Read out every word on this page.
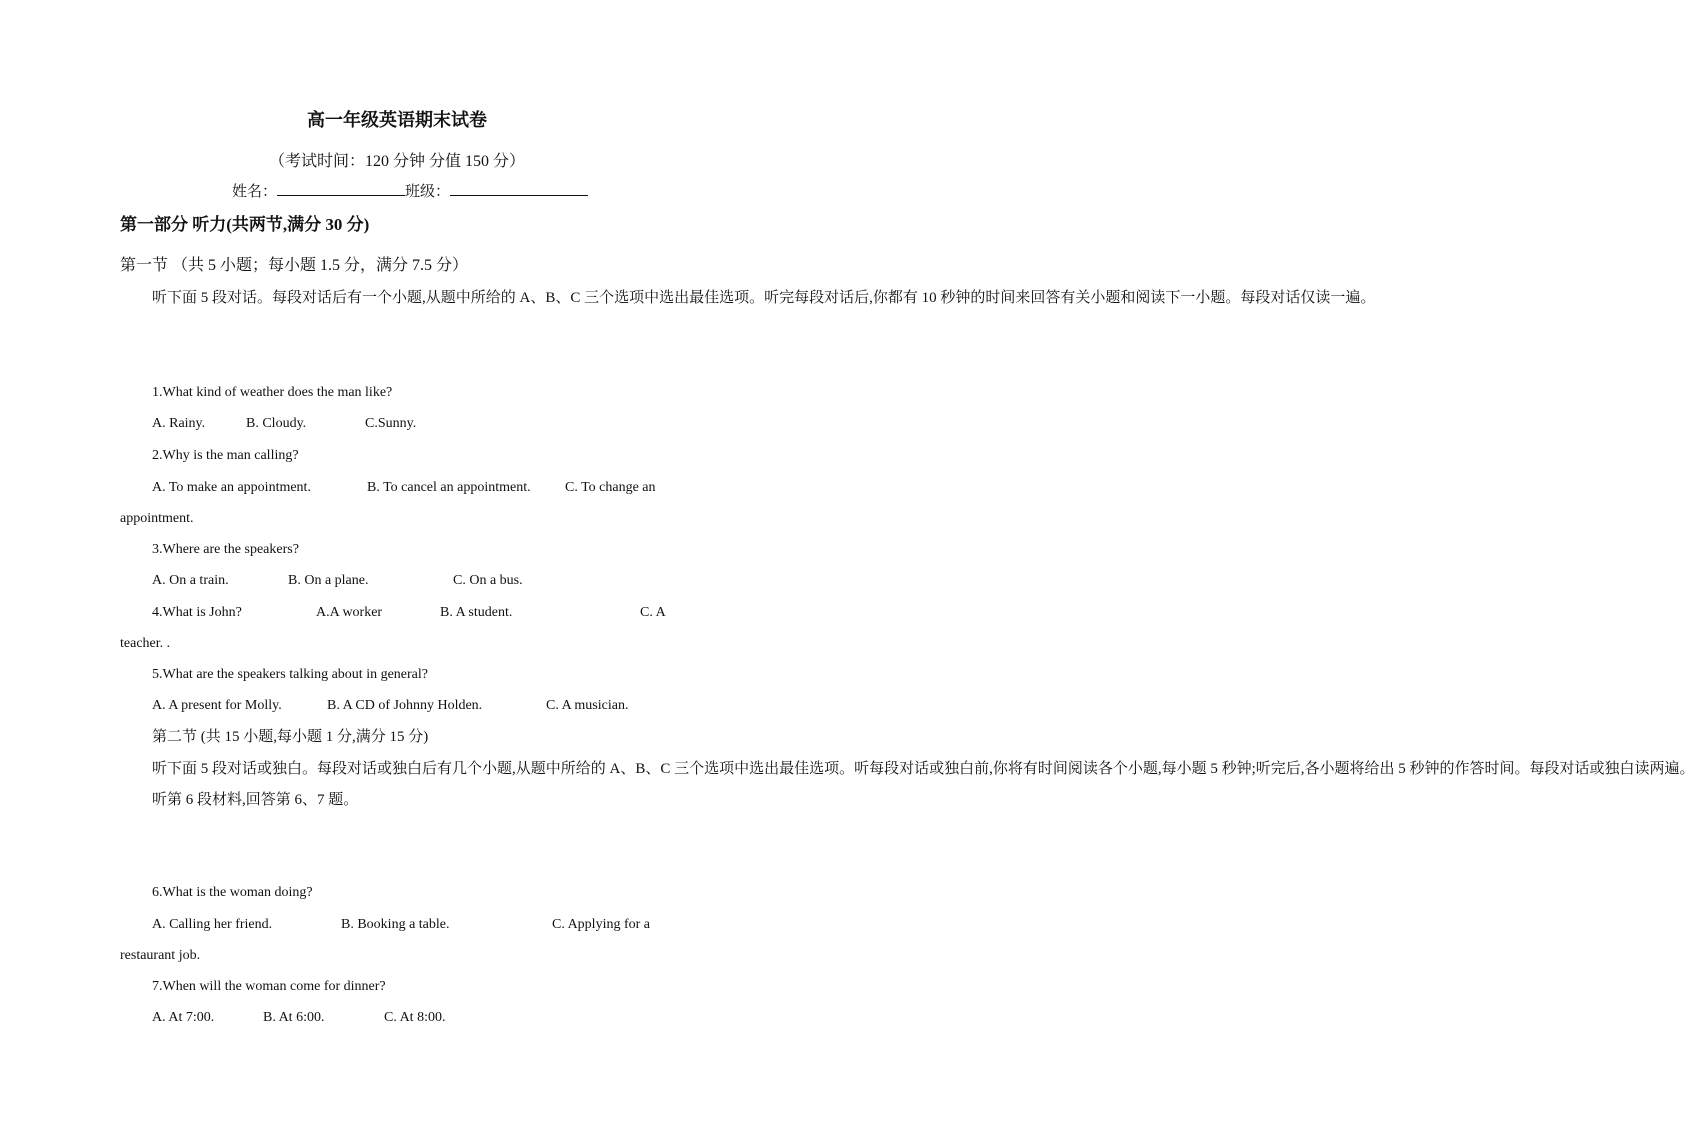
高一年级英语期末试卷
（考试时间：120 分钟 分值 150 分）
姓名：	班级：
第一部分 听力(共两节,满分 30 分)
第一节 （共 5 小题；每小题 1.5 分，满分 7.5 分）

听下面 5 段对话。每段对话后有一个小题,从题中所给的 A、B、C 三个选项中选出最佳选项。听完每段对话后,你都有 10 秒钟的时间来回答有关小题和阅读下一小题。每段对话仅读一遍。

1.What kind of weather does the man like?
A. Rainy.	B. Cloudy.	C.Sunny.
2.Why is the man calling?
A. To make an appointment.	B. To cancel an appointment. C. To change an
appointment.
3.Where are the speakers?
A. On a train.	B. On a plane.	C. On a bus.
4.What is John?	A.A worker	B. A student.	C. A
teacher. .
5.What are the speakers talking about in general?
A. A present for Molly.	B. A CD of Johnny Holden.	C. A musician.
第二节 (共 15 小题,每小题 1 分,满分 15 分)

听下面 5 段对话或独白。每段对话或独白后有几个小题,从题中所给的 A、B、C 三个选项中选出最佳选项。听每段对话或独白前,你将有时间阅读各个小题,每小题 5 秒钟;听完后,各小题将给出 5 秒钟的作答时间。每段对话或独白读两遍。

听第 6 段材料,回答第 6、7 题。

6.What is the woman doing?
A. Calling her friend.	B. Booking a table.	C. Applying for a
restaurant job.
7.When will the woman come for dinner?
A. At 7:00.	B. At 6:00.	C. At 8:00.
